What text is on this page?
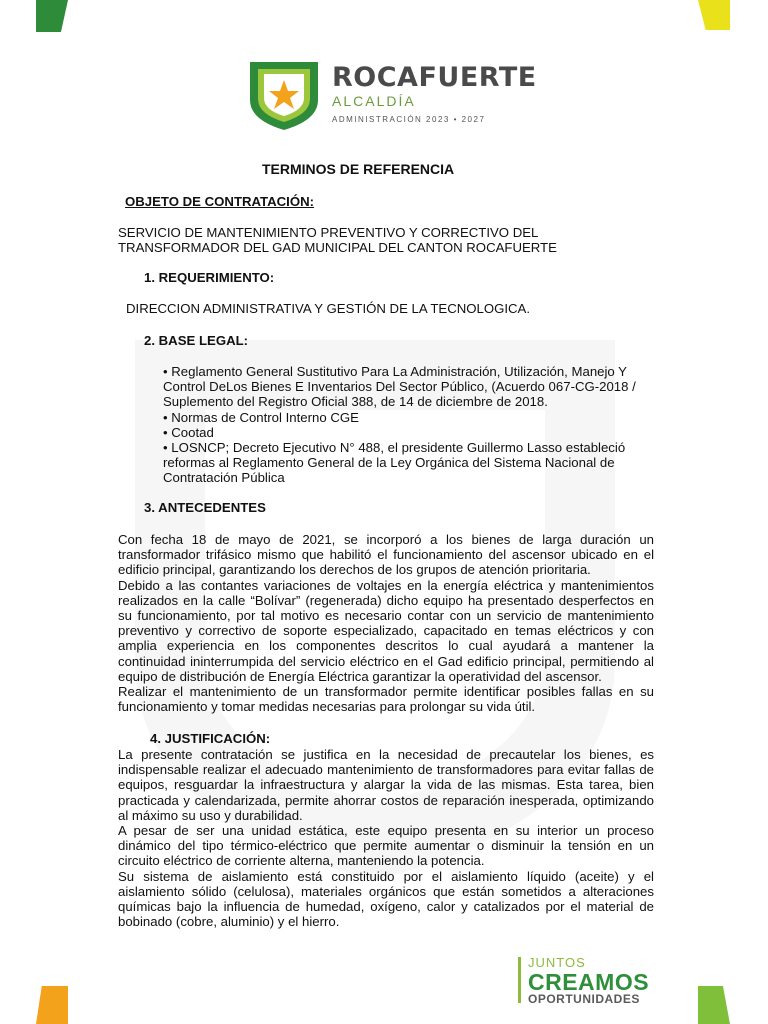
ROCAFUERTE
ALCALDÍA
ADMINISTRACIÓN 2023 • 2027
TERMINOS DE REFERENCIA
OBJETO DE CONTRATACIÓN:
SERVICIO DE MANTENIMIENTO PREVENTIVO Y CORRECTIVO DEL TRANSFORMADOR DEL GAD MUNICIPAL DEL CANTON ROCAFUERTE
1. REQUERIMIENTO:
DIRECCION ADMINISTRATIVA Y GESTIÓN DE LA TECNOLOGICA.
2. BASE LEGAL:
• Reglamento General Sustitutivo Para La Administración, Utilización, Manejo Y Control DeLos Bienes E Inventarios Del Sector Público, (Acuerdo 067-CG-2018 / Suplemento del Registro Oficial 388, de 14 de diciembre de 2018.
• Normas de Control Interno CGE
• Cootad
• LOSNCP; Decreto Ejecutivo N° 488, el presidente Guillermo Lasso estableció reformas al Reglamento General de la Ley Orgánica del Sistema Nacional de Contratación Pública
3. ANTECEDENTES

Con fecha 18 de mayo de 2021, se incorporó a los bienes de larga duración un transformador trifásico mismo que habilitó el funcionamiento del ascensor ubicado en el edificio principal, garantizando los derechos de los grupos de atención prioritaria.

Debido a las contantes variaciones de voltajes en la energía eléctrica y mantenimientos realizados en la calle “Bolívar” (regenerada) dicho equipo ha presentado desperfectos en su funcionamiento, por tal motivo es necesario contar con un servicio de mantenimiento preventivo y correctivo de soporte especializado, capacitado en temas eléctricos y con amplia experiencia en los componentes descritos lo cual ayudará a mantener la continuidad ininterrumpida del servicio eléctrico en el Gad edificio principal, permitiendo al equipo de distribución de Energía Eléctrica garantizar la operatividad del ascensor.

Realizar el mantenimiento de un transformador permite identificar posibles fallas en su funcionamiento y tomar medidas necesarias para prolongar su vida útil.

4. JUSTIFICACIÓN:

La presente contratación se justifica en la necesidad de precautelar los bienes, es indispensable realizar el adecuado mantenimiento de transformadores para evitar fallas de equipos, resguardar la infraestructura y alargar la vida de las mismas. Esta tarea, bien practicada y calendarizada, permite ahorrar costos de reparación inesperada, optimizando al máximo su uso y durabilidad.

A pesar de ser una unidad estática, este equipo presenta en su interior un proceso dinámico del tipo térmico-eléctrico que permite aumentar o disminuir la tensión en un circuito eléctrico de corriente alterna, manteniendo la potencia.

Su sistema de aislamiento está constituido por el aislamiento líquido (aceite) y el aislamiento sólido (celulosa), materiales orgánicos que están sometidos a alteraciones químicas bajo la influencia de humedad, oxígeno, calor y catalizados por el material de bobinado (cobre, aluminio) y el hierro.

JUNTOS
CREAMOS
OPORTUNIDADES
